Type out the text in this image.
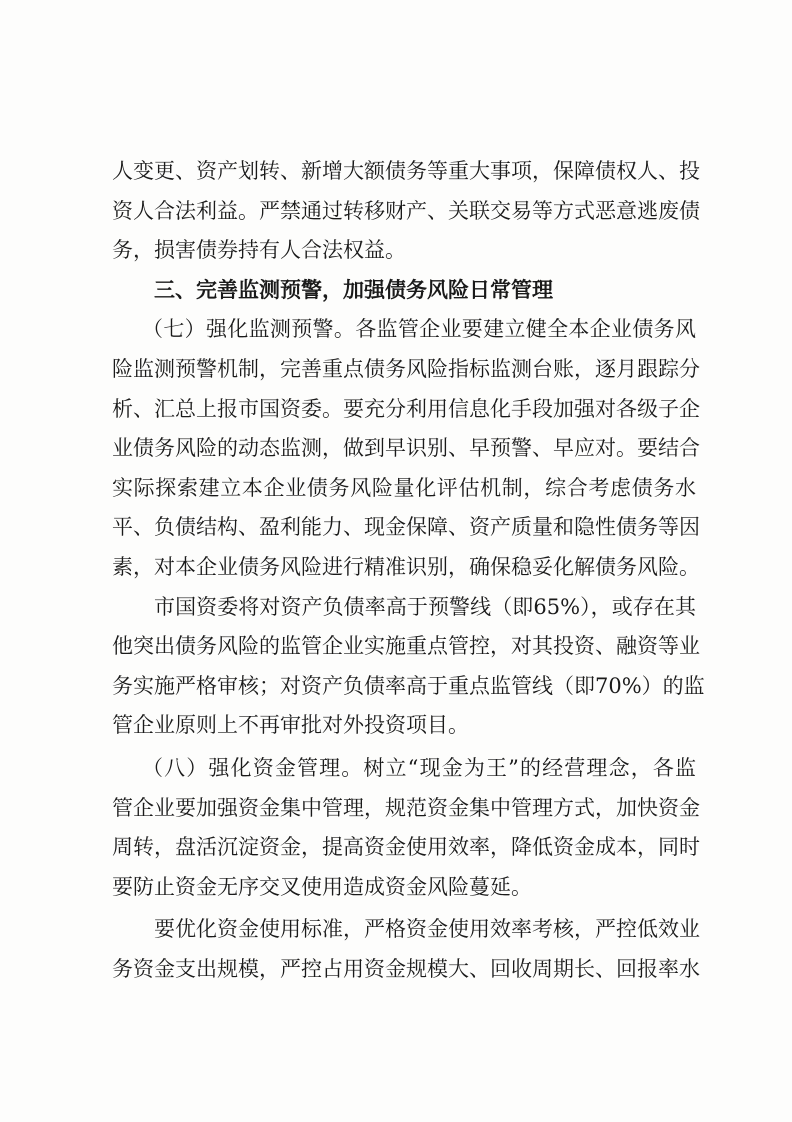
人变更、资产划转、新增大额债务等重大事项，保障债权人、投
资人合法利益。严禁通过转移财产、关联交易等方式恶意逃废债
务，损害债券持有人合法权益。
三、完善监测预警，加强债务风险日常管理
（七）强化监测预警。各监管企业要建立健全本企业债务风
险监测预警机制，完善重点债务风险指标监测台账，逐月跟踪分
析、汇总上报市国资委。要充分利用信息化手段加强对各级子企
业债务风险的动态监测，做到早识别、早预警、早应对。要结合
实际探索建立本企业债务风险量化评估机制，综合考虑债务水
平、负债结构、盈利能力、现金保障、资产质量和隐性债务等因
素，对本企业债务风险进行精准识别，确保稳妥化解债务风险。
市国资委将对资产负债率高于预警线（即65%），或存在其
他突出债务风险的监管企业实施重点管控，对其投资、融资等业
务实施严格审核；对资产负债率高于重点监管线（即70%）的监
管企业原则上不再审批对外投资项目。
（八）强化资金管理。树立“现金为王”的经营理念，各监
管企业要加强资金集中管理，规范资金集中管理方式，加快资金
周转，盘活沉淀资金，提高资金使用效率，降低资金成本，同时
要防止资金无序交叉使用造成资金风险蔓延。
要优化资金使用标准，严格资金使用效率考核，严控低效业
务资金支出规模，严控占用资金规模大、回收周期长、回报率水
